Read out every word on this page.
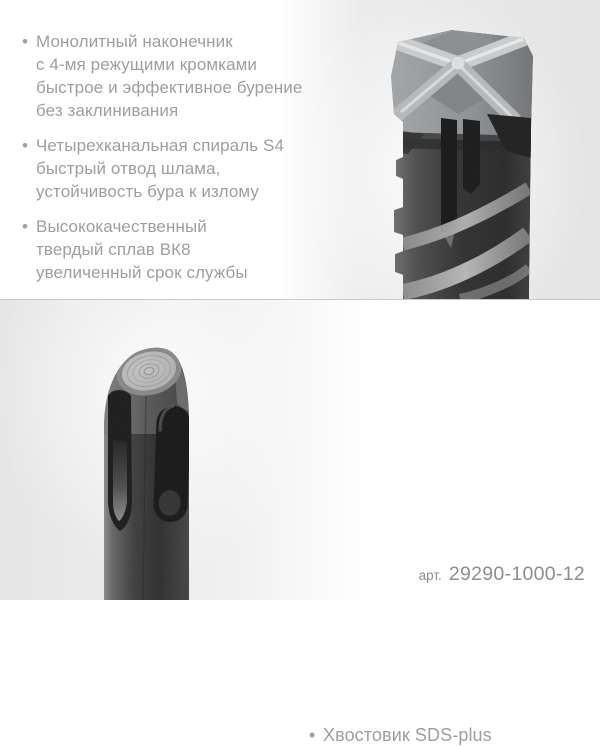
• Монолитный наконечник
с 4-мя режущими кромками
быстрое и эффективное бурение
без заклинивания
• Четырехканальная спираль S4
быстрый отвод шлама,
устойчивость бура к излому
• Высококачественный
твердый сплав ВК8
увеличенный срок службы
• Хвостовик SDS-plus
арт. 29290-1000-12
